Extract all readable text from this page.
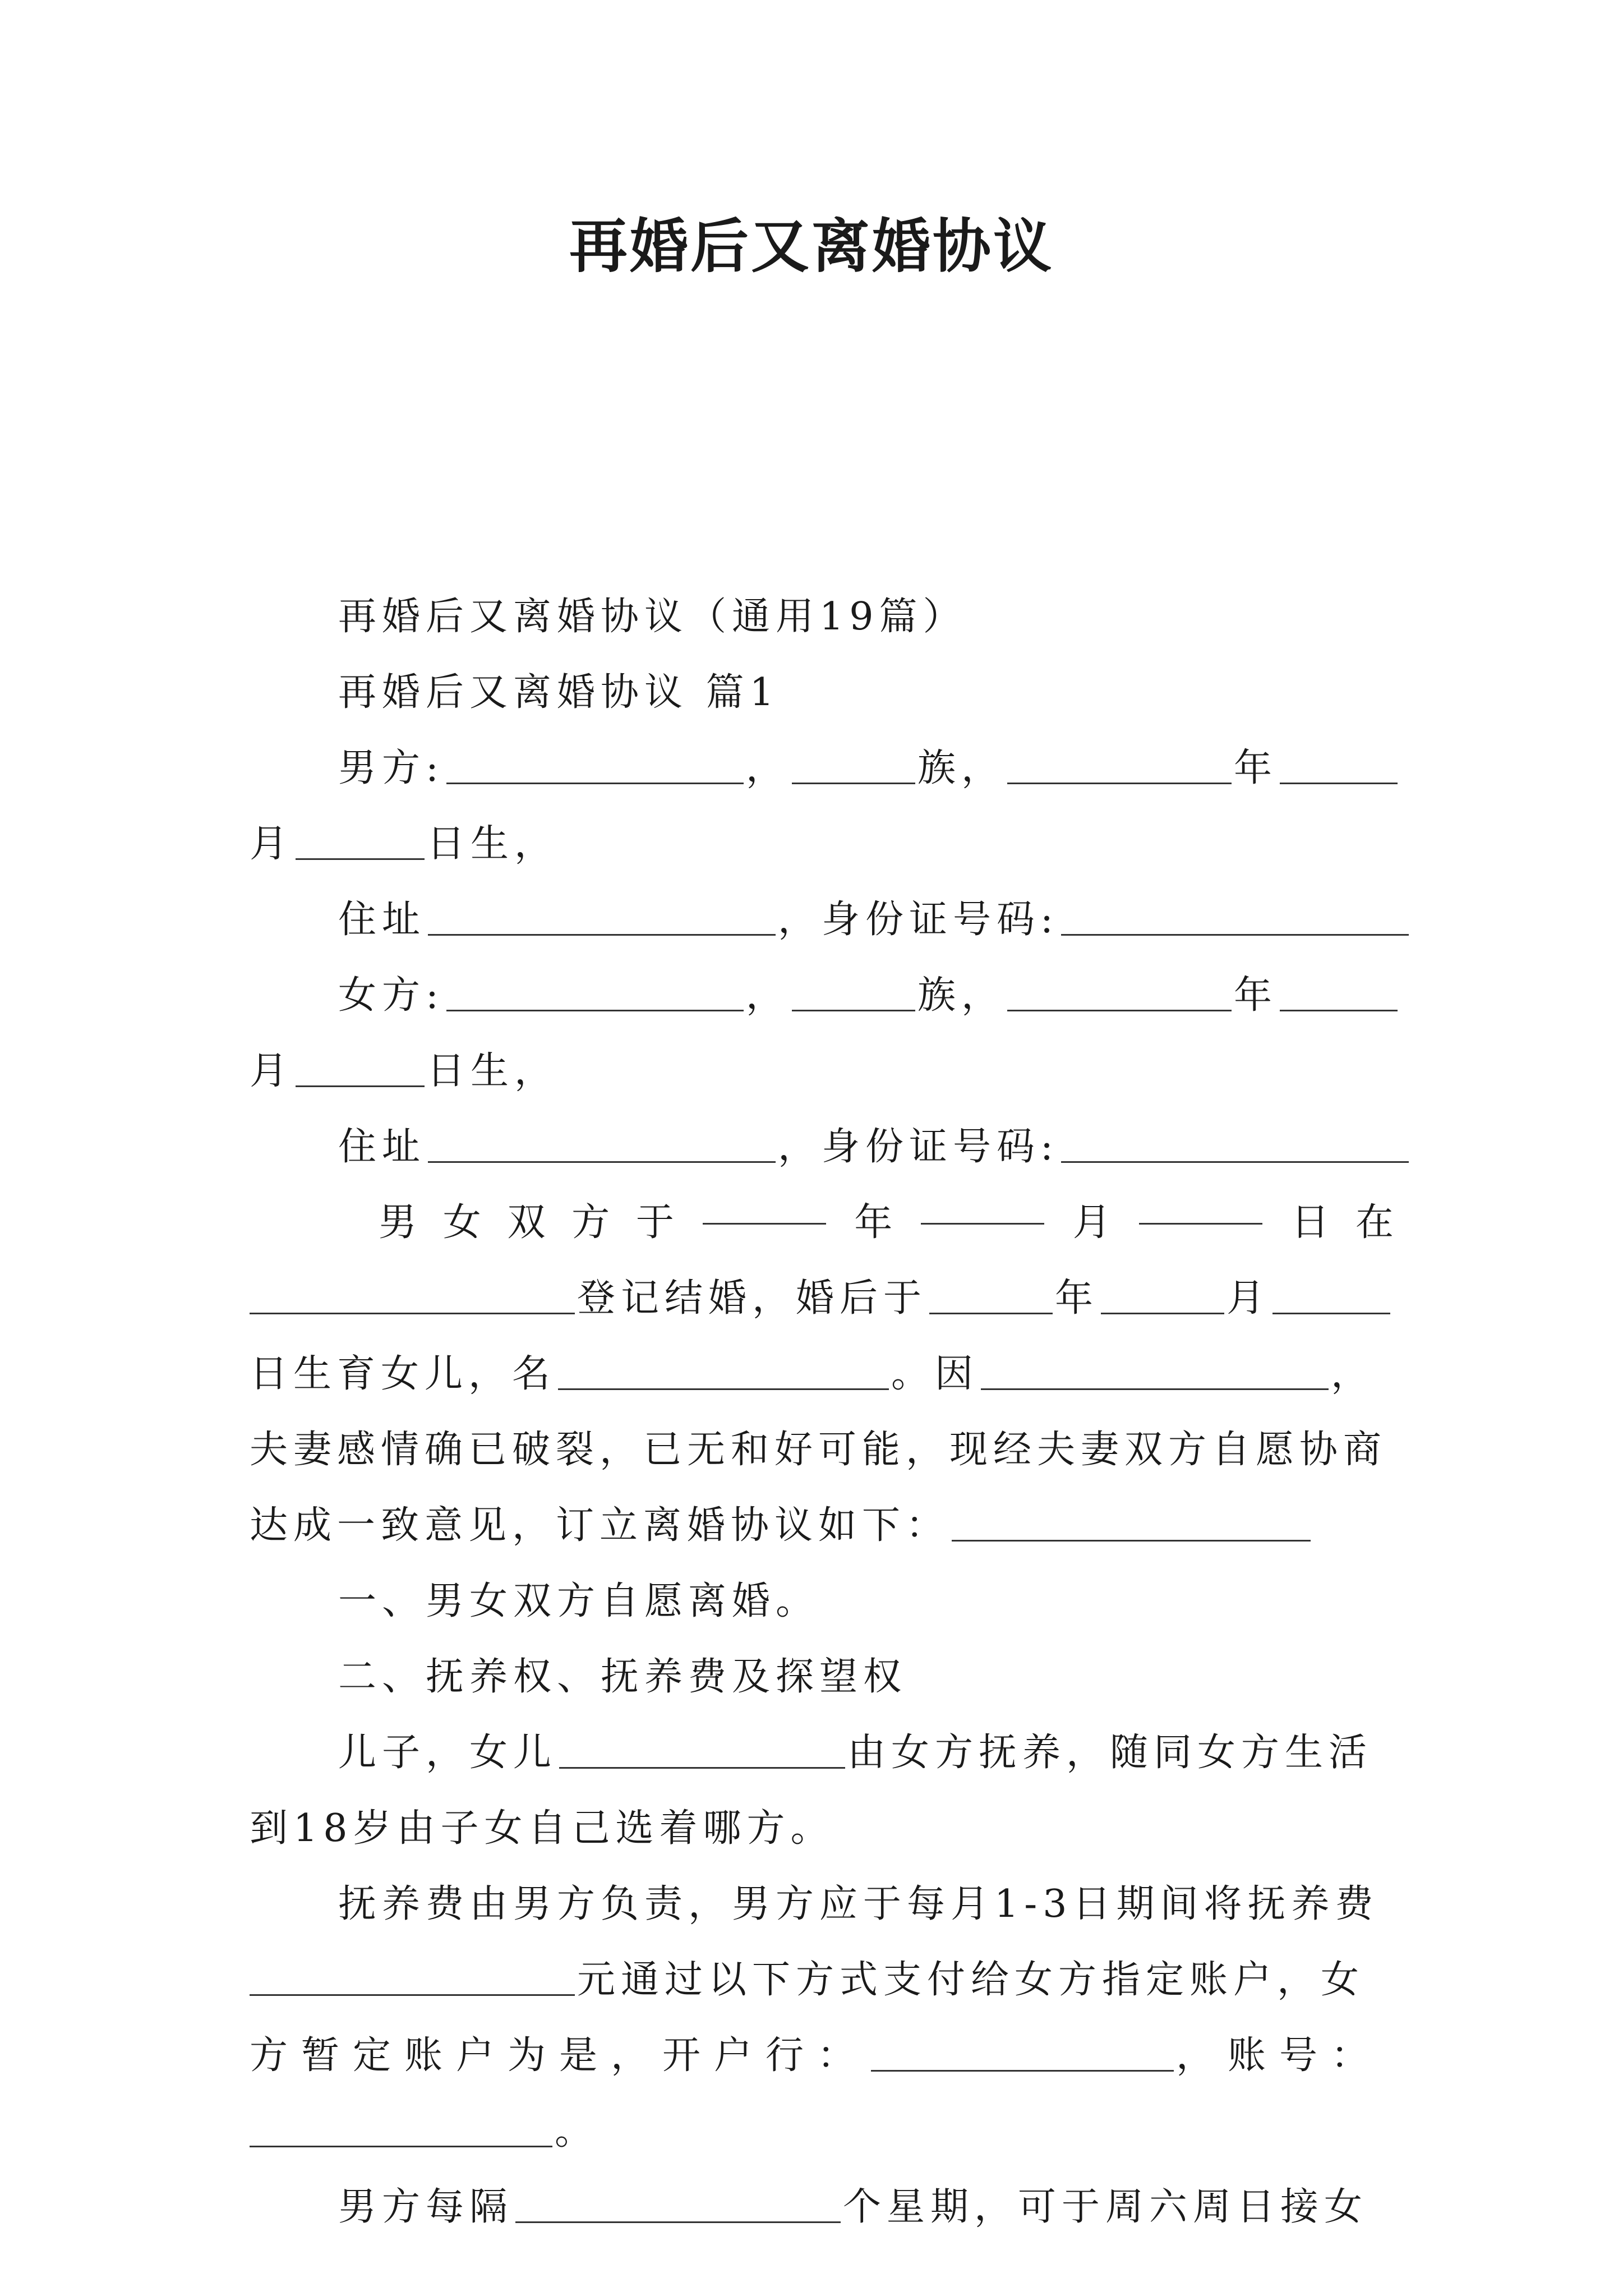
再婚后又离婚协议
再婚后又离婚协议（通用19篇）
再婚后又离婚协议 篇1
男方:	，	族，	年
月	日生，
住址	，身份证号码:
女方:	，	族，	年
月	日生，
住址	，身份证号码:
男 女 双 方 于	年	月	日 在
登记结婚，婚后于	年	月
日生育女儿，名	。因	，
夫妻感情确已破裂，已无和好可能，现经夫妻双方自愿协商
达成一致意见，订立离婚协议如下：
一、男女双方自愿离婚。
二、抚养权、抚养费及探望权
儿子，女儿	由女方抚养，随同女方生活
到18岁由子女自己选着哪方。
抚养费由男方负责，男方应于每月1-3日期间将抚养费
元通过以下方式支付给女方指定账户，女
方暂定账户为是，开户行：	，账号：
。
男方每隔	个星期，可于周六周日接女
